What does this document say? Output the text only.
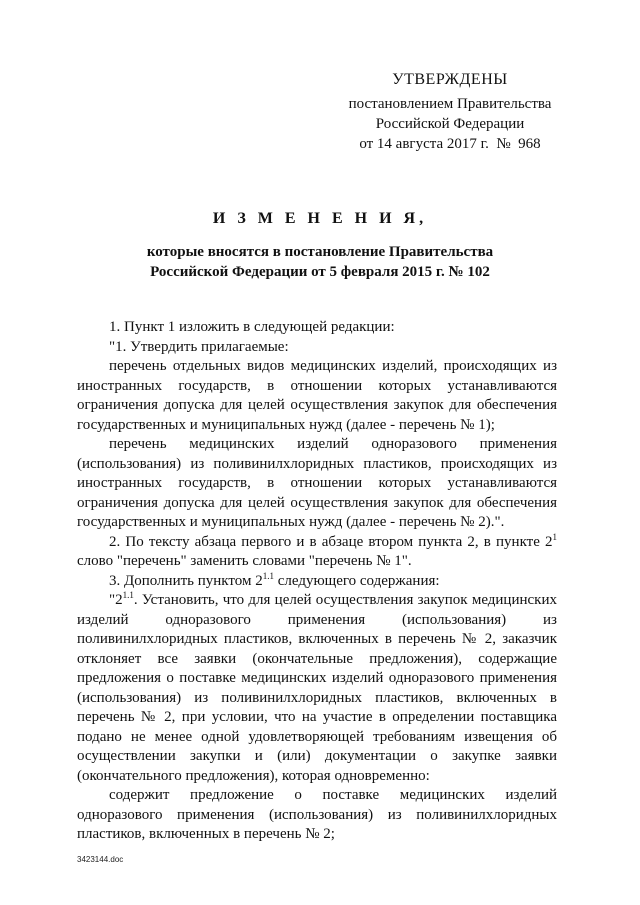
УТВЕРЖДЕНЫ
постановлением Правительства
Российской Федерации
от 14 августа 2017 г.  №  968
И З М Е Н Е Н И Я,
которые вносятся в постановление Правительства
Российской Федерации от 5 февраля 2015 г. № 102

1. Пункт 1 изложить в следующей редакции:

"1. Утвердить прилагаемые:

перечень отдельных видов медицинских изделий, происходящих из иностранных государств, в отношении которых устанавливаются ограничения допуска для целей осуществления закупок для обеспечения государственных и муниципальных нужд (далее - перечень № 1);

перечень медицинских изделий одноразового применения (использования) из поливинилхлоридных пластиков, происходящих из иностранных государств, в отношении которых устанавливаются ограничения допуска для целей осуществления закупок для обеспечения государственных и муниципальных нужд (далее - перечень № 2).".

2. По тексту абзаца первого и в абзаце втором пункта 2, в пункте $2^1$ слово "перечень" заменить словами "перечень № 1".

3. Дополнить пунктом $2^{1.1}$ следующего содержания:

"$2^{1.1}$. Установить, что для целей осуществления закупок медицинских изделий одноразового применения (использования) из поливинилхлоридных пластиков, включенных в перечень № 2, заказчик отклоняет все заявки (окончательные предложения), содержащие предложения о поставке медицинских изделий одноразового применения (использования) из поливинилхлоридных пластиков, включенных в перечень № 2, при условии, что на участие в определении поставщика подано не менее одной удовлетворяющей требованиям извещения об осуществлении закупки и (или) документации о закупке заявки (окончательного предложения), которая одновременно:

содержит предложение о поставке медицинских изделий одноразового применения (использования) из поливинилхлоридных пластиков, включенных в перечень № 2;

3423144.doc
